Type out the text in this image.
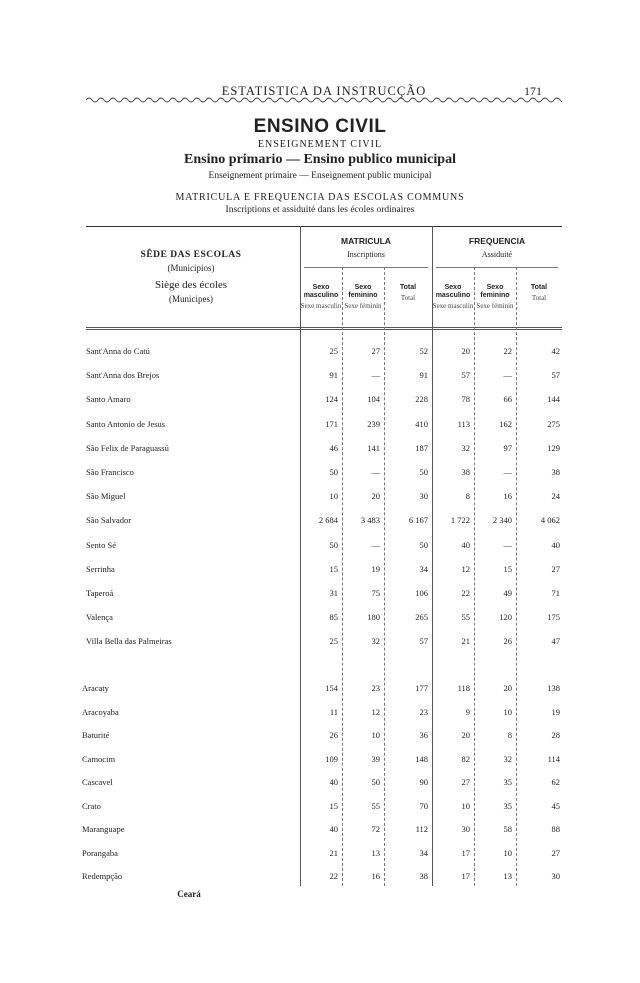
ESTATISTICA DA INSTRUCÇÃO	171
ENSINO CIVIL
ENSEIGNEMENT CIVIL
Ensino primario — Ensino publico municipal
Enseignement primaire — Enseignement public municipal
MATRICULA E FREQUENCIA DAS ESCOLAS COMMUNS
Inscriptions et assiduité dans les écoles ordinaires
SÊDE DAS ESCOLAS
(Municipios)
Siège des écoles
(Municipes)
MATRICULA
Inscriptions
FREQUENCIA
Assiduité
Sexo masculino
Sexe masculin
Sexo feminino
Sexe féminin
Total
Total
Sexo masculino
Sexe masculin
Sexo feminino
Sexe féminin
Total
Total
Sant'Anna do Catú	25	27	52	20	22	42
Sant'Anna dos Brejos	91	—	91	57	—	57
Santo Amaro	124	104	228	78	66	144
Santo Antonio de Jesus	171	239	410	113	162	275
São Felix de Paraguassú	46	141	187	32	97	129
São Francisco	50	—	50	38	—	38
São Miguel	10	20	30	8	16	24
São Salvador	2 684	3 483	6 167	1 722	2 340	4 062
Sento Sé	50	—	50	40	—	40
Serrinha	15	19	34	12	15	27
Taperoá	31	75	106	22	49	71
Valença	85	180	265	55	120	175
Villa Bella das Palmeiras	25	32	57	21	26	47
Ceará
Aracaty	154	23	177	118	20	138
Aracoyaba	11	12	23	9	10	19
Baturité	26	10	36	20	8	28
Camocim	109	39	148	82	32	114
Cascavel	40	50	90	27	35	62
Crato	15	55	70	10	35	45
Maranguape	40	72	112	30	58	88
Porangaba	21	13	34	17	10	27
Redempção	22	16	38	17	13	30
